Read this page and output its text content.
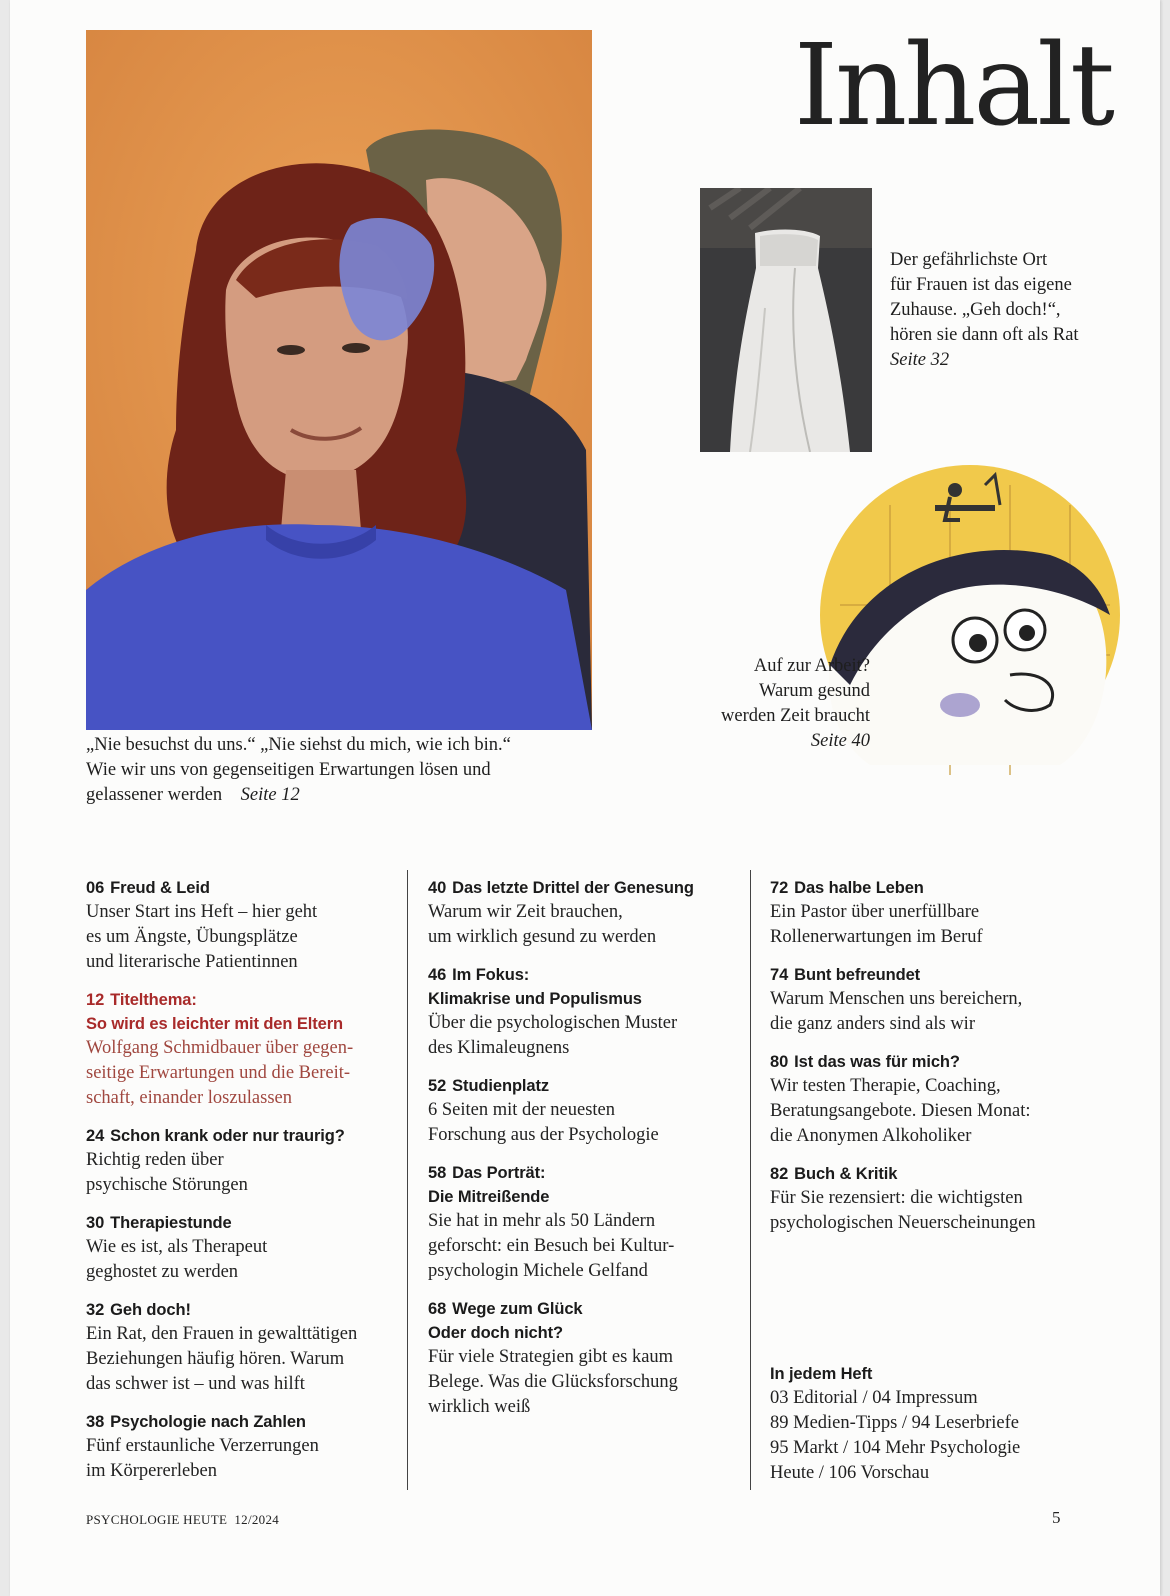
Inhalt
„Nie besuchst du uns.“ „Nie siehst du mich, wie ich bin.“
Wie wir uns von gegenseitigen Erwartungen lösen und
gelassener werden Seite 12
Der gefährlichste Ort
für Frauen ist das eigene
Zuhause. „Geh doch!“,
hören sie dann oft als Rat
Seite 32
Auf zur Arbeit?
Warum gesund
werden Zeit braucht
Seite 40
06 Freud & Leid
Unser Start ins Heft – hier geht
es um Ängste, Übungsplätze
und literarische Patientinnen
12 Titelthema:
So wird es leichter mit den Eltern
Wolfgang Schmidbauer über gegen-
seitige Erwartungen und die Bereit-
schaft, einander loszulassen
24 Schon krank oder nur traurig?
Richtig reden über
psychische Störungen
30 Therapiestunde
Wie es ist, als Therapeut
geghostet zu werden
32 Geh doch!
Ein Rat, den Frauen in gewalttätigen
Beziehungen häufig hören. Warum
das schwer ist – und was hilft
38 Psychologie nach Zahlen
Fünf erstaunliche Verzerrungen
im Körpererleben
40 Das letzte Drittel der Genesung
Warum wir Zeit brauchen,
um wirklich gesund zu werden
46 Im Fokus:
Klimakrise und Populismus
Über die psychologischen Muster
des Klimaleugnens
52 Studienplatz
6 Seiten mit der neuesten
Forschung aus der Psychologie
58 Das Porträt:
Die Mitreißende
Sie hat in mehr als 50 Ländern
geforscht: ein Besuch bei Kultur-
psychologin Michele Gelfand
68 Wege zum Glück
Oder doch nicht?
Für viele Strategien gibt es kaum
Belege. Was die Glücksforschung
wirklich weiß
72 Das halbe Leben
Ein Pastor über unerfüllbare
Rollenerwartungen im Beruf
74 Bunt befreundet
Warum Menschen uns bereichern,
die ganz anders sind als wir
80 Ist das was für mich?
Wir testen Therapie, Coaching,
Beratungsangebote. Diesen Monat:
die Anonymen Alkoholiker
82 Buch & Kritik
Für Sie rezensiert: die wichtigsten
psychologischen Neuerscheinungen
In jedem Heft
03 Editorial / 04 Impressum
89 Medien-Tipps / 94 Leserbriefe
95 Markt / 104 Mehr Psychologie
Heute / 106 Vorschau
PSYCHOLOGIE HEUTE 12/2024	5
